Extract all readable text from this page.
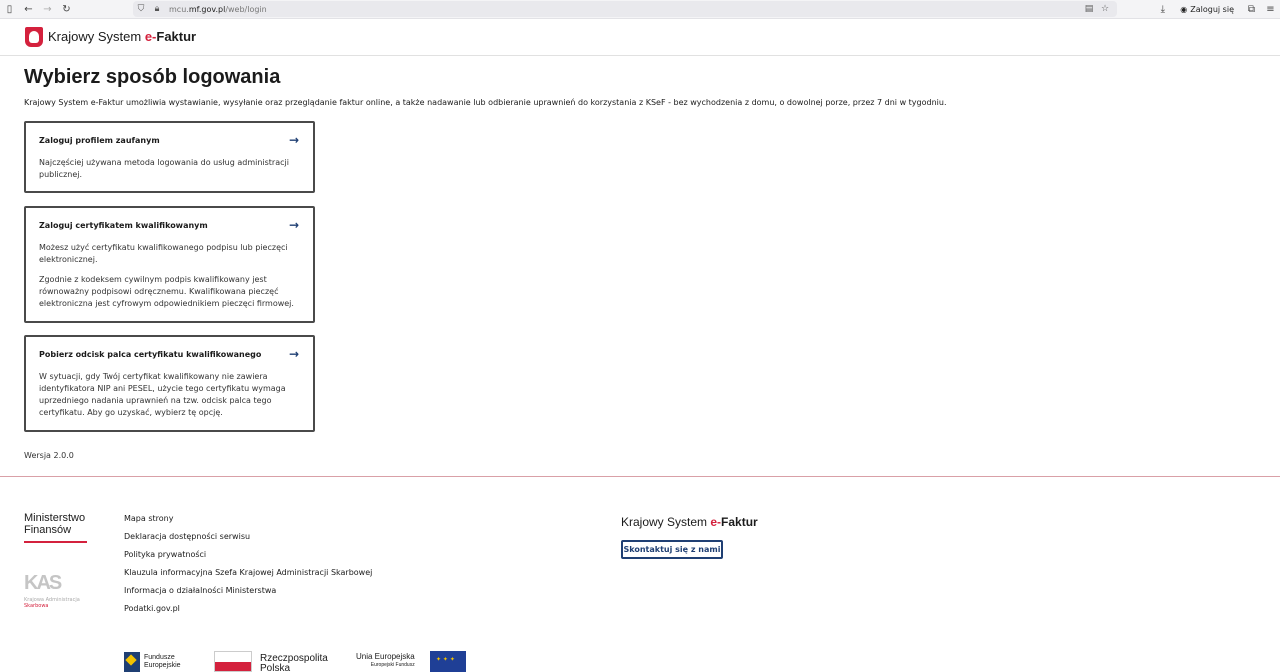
▯	←	→	↻	⛉	🔒︎	mcu.mf.gov.pl/web/login	▤ ☆	⤓	◉ Zaloguj się	⧉	≡
Krajowy System e-Faktur
Wybierz sposób logowania
Krajowy System e-Faktur umożliwia wystawianie, wysyłanie oraz przeglądanie faktur online, a także nadawanie lub odbieranie uprawnień do korzystania z KSeF - bez wychodzenia z domu, o dowolnej porze, przez 7 dni w tygodniu.
Zaloguj profilem zaufanym	→

Najczęściej używana metoda logowania do usług administracji publicznej.

Zaloguj certyfikatem kwalifikowanym	→

Możesz użyć certyfikatu kwalifikowanego podpisu lub pieczęci elektronicznej.

Zgodnie z kodeksem cywilnym podpis kwalifikowany jest równoważny podpisowi odręcznemu. Kwalifikowana pieczęć elektroniczna jest cyfrowym odpowiednikiem pieczęci firmowej.

Pobierz odcisk palca certyfikatu kwalifikowanego	→

W sytuacji, gdy Twój certyfikat kwalifikowany nie zawiera identyfikatora NIP ani PESEL, użycie tego certyfikatu wymaga uprzedniego nadania uprawnień na tzw. odcisk palca tego certyfikatu. Aby go uzyskać, wybierz tę opcję.

Wersja 2.0.0
Ministerstwo
Finansów
KAS
Krajowa Administracja
Skarbowa
Mapa strony
Deklaracja dostępności serwisu
Polityka prywatności
Klauzula informacyjna Szefa Krajowej Administracji Skarbowej
Informacja o działalności Ministerstwa
Podatki.gov.pl
Krajowy System e-Faktur
Skontaktuj się z nami
Fundusze
Europejskie
Rzeczpospolita
Polska
Unia Europejska
Europejski Fundusz
✦ ✦ ✦
